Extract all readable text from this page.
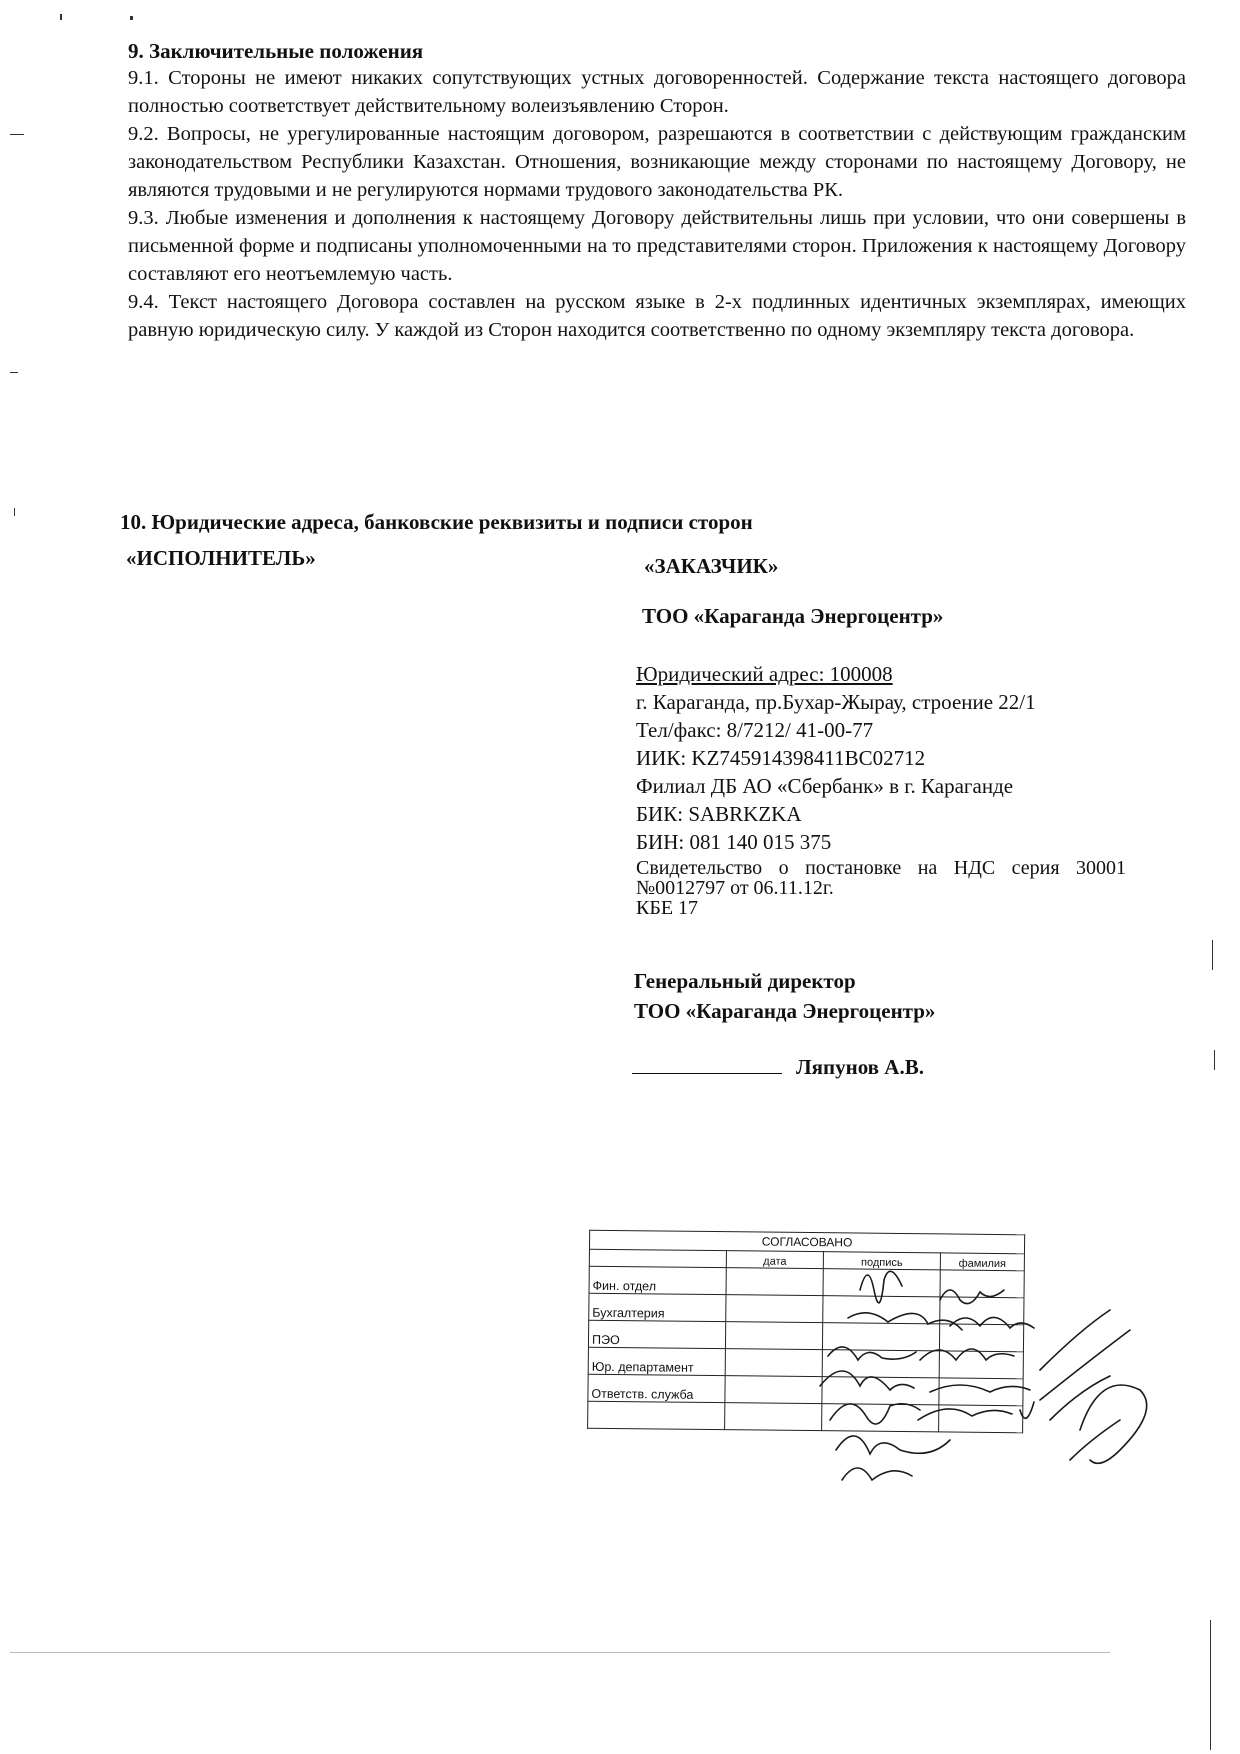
9. Заключительные положения

9.1. Стороны не имеют никаких сопутствующих устных договоренностей. Содержание текста настоящего договора полностью соответствует действительному волеизъявлению Сторон.

9.2. Вопросы, не урегулированные настоящим договором, разрешаются в соответствии с действующим гражданским законодательством Республики Казахстан. Отношения, возникающие между сторонами по настоящему Договору, не являются трудовыми и не регулируются нормами трудового законодательства РК.

9.3. Любые изменения и дополнения к настоящему Договору действительны лишь при условии, что они совершены в письменной форме и подписаны уполномоченными на то представителями сторон. Приложения к настоящему Договору составляют его неотъемлемую часть.

9.4. Текст настоящего Договора составлен на русском языке в 2-х подлинных идентичных экземплярах, имеющих равную юридическую силу. У каждой из Сторон находится соответственно по одному экземпляру текста договора.

10. Юридические адреса, банковские реквизиты и подписи сторон
«ИСПОЛНИТЕЛЬ»	«ЗАКАЗЧИК»
ТОО «Караганда Энергоцентр»
Юридический адрес: 100008
г. Караганда, пр.Бухар-Жырау, строение 22/1
Тел/факс: 8/7212/ 41-00-77
ИИК: KZ745914398411BC02712
Филиал ДБ АО «Сбербанк» в г. Караганде
БИК: SABRKZKA
БИН: 081 140 015 375
Свидетельство о постановке на НДС серия 30001 №0012797 от 06.11.12г.
КБЕ 17
Генеральный директор
ТОО «Караганда Энергоцентр»
Ляпунов А.В.
СОГЛАСОВАНО			
	дата	подпись	фамилия
Фин. отдел			
Бухгалтерия			
ПЭО			
Юр. департамент			
Ответств. служба			
